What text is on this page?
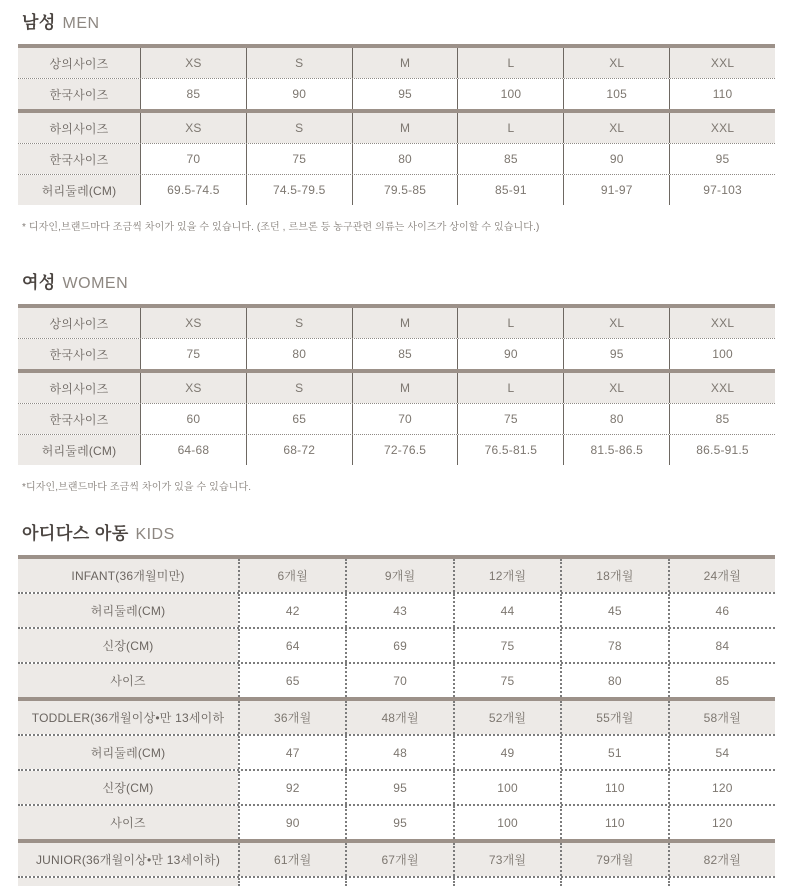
남성 MEN
상의사이즈	XS	S	M	L	XL	XXL
한국사이즈	85	90	95	100	105	110
하의사이즈	XS	S	M	L	XL	XXL
한국사이즈	70	75	80	85	90	95
허리둘레(CM)	69.5-74.5	74.5-79.5	79.5-85	85-91	91-97	97-103
* 디자인,브랜드마다 조금씩 차이가 있을 수 있습니다. (조던 , 르브론 등 농구관련 의류는 사이즈가 상이할 수 있습니다.)
여성 WOMEN
상의사이즈	XS	S	M	L	XL	XXL
한국사이즈	75	80	85	90	95	100
하의사이즈	XS	S	M	L	XL	XXL
한국사이즈	60	65	70	75	80	85
허리둘레(CM)	64-68	68-72	72-76.5	76.5-81.5	81.5-86.5	86.5-91.5
*디자인,브랜드마다 조금씩 차이가 있을 수 있습니다.
아디다스 아동 KIDS
INFANT(36개월미만)	6개월	9개월	12개월	18개월	24개월
허리둘레(CM)	42	43	44	45	46
신장(CM)	64	69	75	78	84
사이즈	65	70	75	80	85
TODDLER(36개월이상•만 13세이하	36개월	48개월	52개월	55개월	58개월
허리둘레(CM)	47	48	49	51	54
신장(CM)	92	95	100	110	120
사이즈	90	95	100	110	120
JUNIOR(36개월이상•만 13세이하)	61개월	67개월	73개월	79개월	82개월
